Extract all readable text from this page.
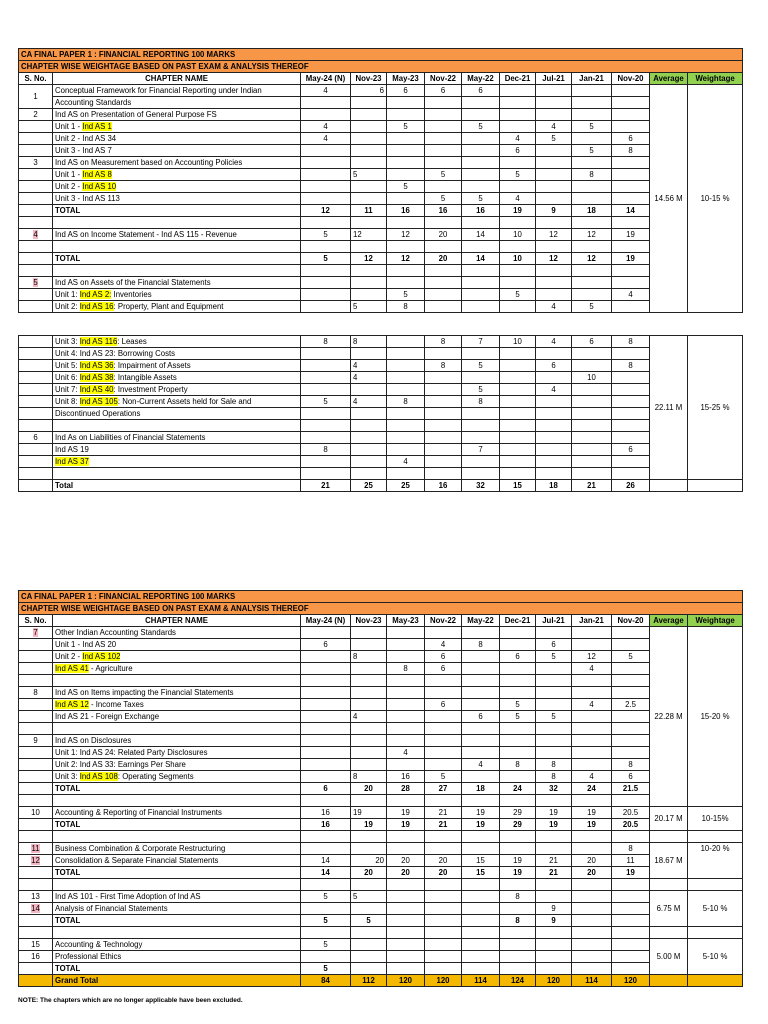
CA FINAL PAPER 1 : FINANCIAL REPORTING 100 MARKS													
CHAPTER WISE WEIGHTAGE BASED ON PAST EXAM & ANALYSIS THEREOF													
S. No.	CHAPTER NAME	May-24 (N)	Nov-23	May-23	Nov-22	May-22	Dec-21	Jul-21	Jan-21	Nov-20	Average	Weightage	
1	Conceptual Framework for Financial Reporting under Indian	4	6	6	6	6					14.56 M	10-15 %	
	Accounting Standards												
2	Ind AS on Presentation of General Purpose FS												
	Unit 1 - Ind AS 1	4		5		5		4	5				
	Unit 2 - Ind AS 34	4					4	5		6			
	Unit 3 - Ind AS 7						6		5	8			
3	Ind AS on Measurement based on Accounting Policies												
	Unit 1 - Ind AS 8		5		5		5		8				
	Unit 2 - Ind AS 10			5									
	Unit 3 - Ind AS 113				5	5	4						
	TOTAL	12	11	16	16	16	19	9	18	14			

4	Ind AS on Income Statement - Ind AS 115 - Revenue	5	12	12	20	14	10	12	12	19		

	TOTAL	5	12	12	20	14	10	12	12	19			

5	Ind AS on Assets of the Financial Statements												
	Unit 1: Ind AS 2: Inventories			5			5			4			
	Unit 2: Ind AS 16: Property, Plant and Equipment		5	8				4	5				
	Unit 3: Ind AS 116: Leases	8	8		8	7	10	4	6	8	22.11 M	15-25 %	
	Unit 4: Ind AS 23: Borrowing Costs												
	Unit 5: Ind AS 36: Impairment of Assets		4		8	5		6		8			
	Unit 6: Ind AS 38: Intangible Assets		4						10				
	Unit 7: Ind AS 40: Investment Property					5		4					
	Unit 8: Ind AS 105: Non-Current Assets held for Sale and	5	4	8		8							
	Discontinued Operations												

6	Ind As on Liabilities of Financial Statements												
	Ind AS 19	8				7				6			
	Ind AS 37			4									

	Total	21	25	25	16	32	15	18	21	26				
CA FINAL PAPER 1 : FINANCIAL REPORTING 100 MARKS												
CHAPTER WISE WEIGHTAGE BASED ON PAST EXAM & ANALYSIS THEREOF												
S. No.	CHAPTER NAME	May-24 (N)	Nov-23	May-23	Nov-22	May-22	Dec-21	Jul-21	Jan-21	Nov-20	Average	Weightage
7	Other Indian Accounting Standards										22.28 M	15-20 %
	Unit 1 - Ind AS 20	6			4	8		6				
	Unit 2 - Ind AS 102		8		6		6	5	12	5		
	Ind AS 41 - Agriculture			8	6				4			

8	Ind AS on Items impacting the Financial Statements											
	Ind AS 12 - Income Taxes				6		5		4	2.5		
	Ind AS 21 - Foreign Exchange		4			6	5	5				

9	Ind AS on Disclosures											
	Unit 1: Ind AS 24: Related Party Disclosures			4								
	Unit 2: Ind AS 33: Earnings Per Share					4	8	8		8		
	Unit 3: Ind AS 108: Operating Segments		8	16	5			8	4	6		
	TOTAL	6	20	28	27	18	24	32	24	21.5		

10	Accounting & Reporting of Financial Instruments	16	19	19	21	19	29	19	19	20.5	20.17 M	10-15%
	TOTAL	16	19	19	21	19	29	19	19	20.5		

11	Business Combination & Corporate Restructuring									8	18.67 M	10-20 %
12	Consolidation & Separate Financial Statements	14	20	20	20	15	19	21	20	11		
	TOTAL	14	20	20	20	15	19	21	20	19		

13	Ind AS 101 - First Time Adoption of Ind AS	5	5				8				6.75 M	5-10 %
14	Analysis of Financial Statements							9				
	TOTAL	5	5				8	9				

15	Accounting & Technology	5									5.00 M	5-10 %
16	Professional Ethics											
	TOTAL	5										
	Grand Total	84	112	120	120	114	124	120	114	120		
NOTE: The chapters which are no longer applicable have been excluded.
